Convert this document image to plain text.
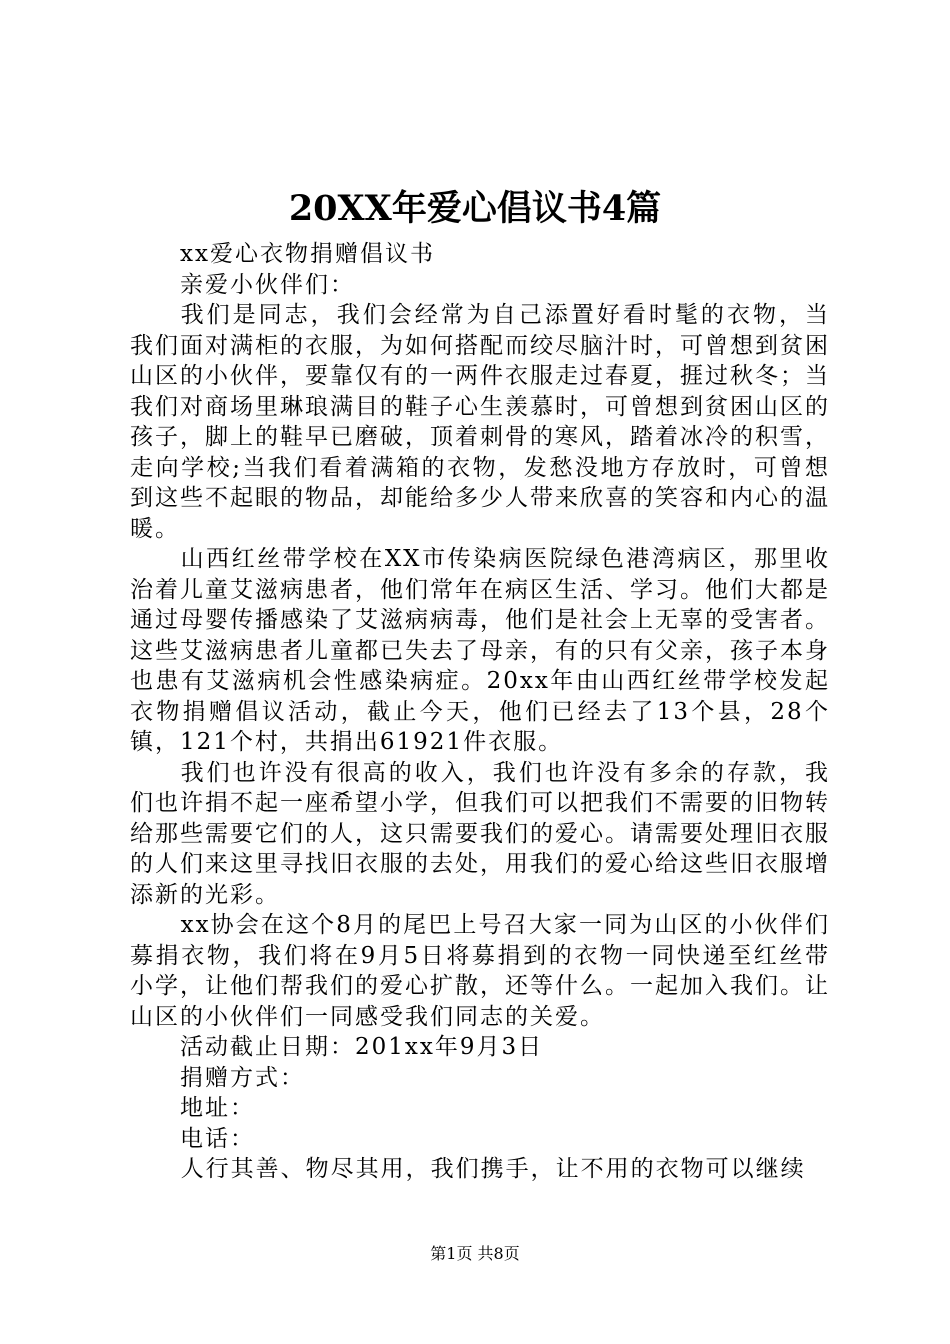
20XX年爱心倡议书4篇

xx爱心衣物捐赠倡议书

亲爱小伙伴们：

我们是同志，我们会经常为自己添置好看时髦的衣物，当我们面对满柜的衣服，为如何搭配而绞尽脑汁时，可曾想到贫困山区的小伙伴，要靠仅有的一两件衣服走过春夏，捱过秋冬；当我们对商场里琳琅满目的鞋子心生羡慕时，可曾想到贫困山区的孩子，脚上的鞋早已磨破，顶着刺骨的寒风，踏着冰冷的积雪，走向学校;当我们看着满箱的衣物，发愁没地方存放时，可曾想到这些不起眼的物品，却能给多少人带来欣喜的笑容和内心的温暖。

山西红丝带学校在XX市传染病医院绿色港湾病区，那里收治着儿童艾滋病患者，他们常年在病区生活、学习。他们大都是通过母婴传播感染了艾滋病病毒，他们是社会上无辜的受害者。这些艾滋病患者儿童都已失去了母亲，有的只有父亲，孩子本身也患有艾滋病机会性感染病症。20xx年由山西红丝带学校发起衣物捐赠倡议活动，截止今天，他们已经去了13个县，28个镇，121个村，共捐出61921件衣服。

我们也许没有很高的收入，我们也许没有多余的存款，我们也许捐不起一座希望小学，但我们可以把我们不需要的旧物转给那些需要它们的人，这只需要我们的爱心。请需要处理旧衣服的人们来这里寻找旧衣服的去处，用我们的爱心给这些旧衣服增添新的光彩。

xx协会在这个8月的尾巴上号召大家一同为山区的小伙伴们募捐衣物，我们将在9月5日将募捐到的衣物一同快递至红丝带小学，让他们帮我们的爱心扩散，还等什么。一起加入我们。让山区的小伙伴们一同感受我们同志的关爱。

活动截止日期：201xx年9月3日

捐赠方式：

地址：

电话：

人行其善、物尽其用，我们携手，让不用的衣物可以继续

第1页 共8页
